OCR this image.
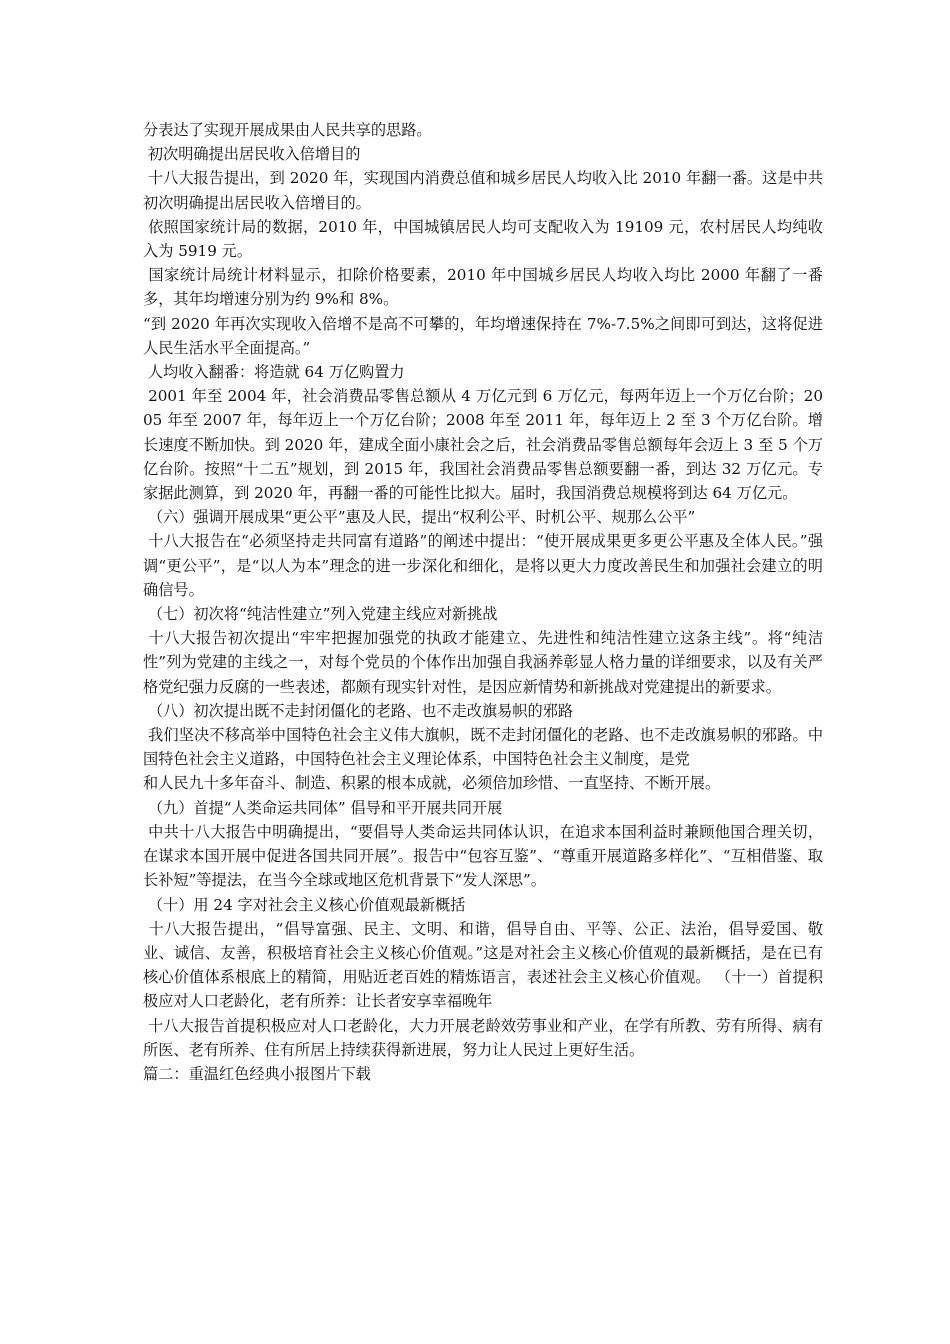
分表达了实现开展成果由人民共享的思路。

初次明确提出居民收入倍增目的

十八大报告提出，到 2020 年，实现国内消费总值和城乡居民人均收入比 2010 年翻一番。这是中共初次明确提出居民收入倍增目的。

依照国家统计局的数据，2010 年，中国城镇居民人均可支配收入为 19109 元，农村居民人均纯收入为 5919 元。

国家统计局统计材料显示，扣除价格要素，2010 年中国城乡居民人均收入均比 2000 年翻了一番多，其年均增速分别为约 9%和 8%。

“到 2020 年再次实现收入倍增不是高不可攀的，年均增速保持在 7%-7.5%之间即可到达，这将促进人民生活水平全面提高。”

人均收入翻番：将造就 64 万亿购置力

2001 年至 2004 年，社会消费品零售总额从 4 万亿元到 6 万亿元，每两年迈上一个万亿台阶；2005 年至 2007 年，每年迈上一个万亿台阶；2008 年至 2011 年，每年迈上 2 至 3 个万亿台阶。增长速度不断加快。到 2020 年，建成全面小康社会之后，社会消费品零售总额每年会迈上 3 至 5 个万亿台阶。按照“十二五”规划，到 2015 年，我国社会消费品零售总额要翻一番，到达 32 万亿元。专家据此测算，到 2020 年，再翻一番的可能性比拟大。届时，我国消费总规模将到达 64 万亿元。

（六）强调开展成果“更公平”惠及人民，提出“权利公平、时机公平、规那么公平”

十八大报告在“必须坚持走共同富有道路”的阐述中提出：“使开展成果更多更公平惠及全体人民。”强调“更公平”，是“以人为本”理念的进一步深化和细化，是将以更大力度改善民生和加强社会建立的明确信号。

（七）初次将“纯洁性建立”列入党建主线应对新挑战

十八大报告初次提出“牢牢把握加强党的执政才能建立、先进性和纯洁性建立这条主线”。将“纯洁性”列为党建的主线之一，对每个党员的个体作出加强自我涵养彰显人格力量的详细要求，以及有关严格党纪强力反腐的一些表述，都颇有现实针对性，是因应新情势和新挑战对党建提出的新要求。

（八）初次提出既不走封闭僵化的老路、也不走改旗易帜的邪路

我们坚决不移高举中国特色社会主义伟大旗帜，既不走封闭僵化的老路、也不走改旗易帜的邪路。中国特色社会主义道路，中国特色社会主义理论体系，中国特色社会主义制度，是党

和人民九十多年奋斗、制造、积累的根本成就，必须倍加珍惜、一直坚持、不断开展。

（九）首提“人类命运共同体” 倡导和平开展共同开展

中共十八大报告中明确提出，“要倡导人类命运共同体认识，在追求本国利益时兼顾他国合理关切，在谋求本国开展中促进各国共同开展”。报告中“包容互鉴”、“尊重开展道路多样化”、“互相借鉴、取长补短”等提法，在当今全球或地区危机背景下“发人深思”。

（十）用 24 字对社会主义核心价值观最新概括

十八大报告提出，“倡导富强、民主、文明、和谐，倡导自由、平等、公正、法治，倡导爱国、敬业、诚信、友善，积极培育社会主义核心价值观。”这是对社会主义核心价值观的最新概括，是在已有核心价值体系根底上的精简，用贴近老百姓的精炼语言，表述社会主义核心价值观。 （十一）首提积极应对人口老龄化，老有所养：让长者安享幸福晚年

十八大报告首提积极应对人口老龄化，大力开展老龄效劳事业和产业，在学有所教、劳有所得、病有所医、老有所养、住有所居上持续获得新进展，努力让人民过上更好生活。

篇二：重温红色经典小报图片下载
